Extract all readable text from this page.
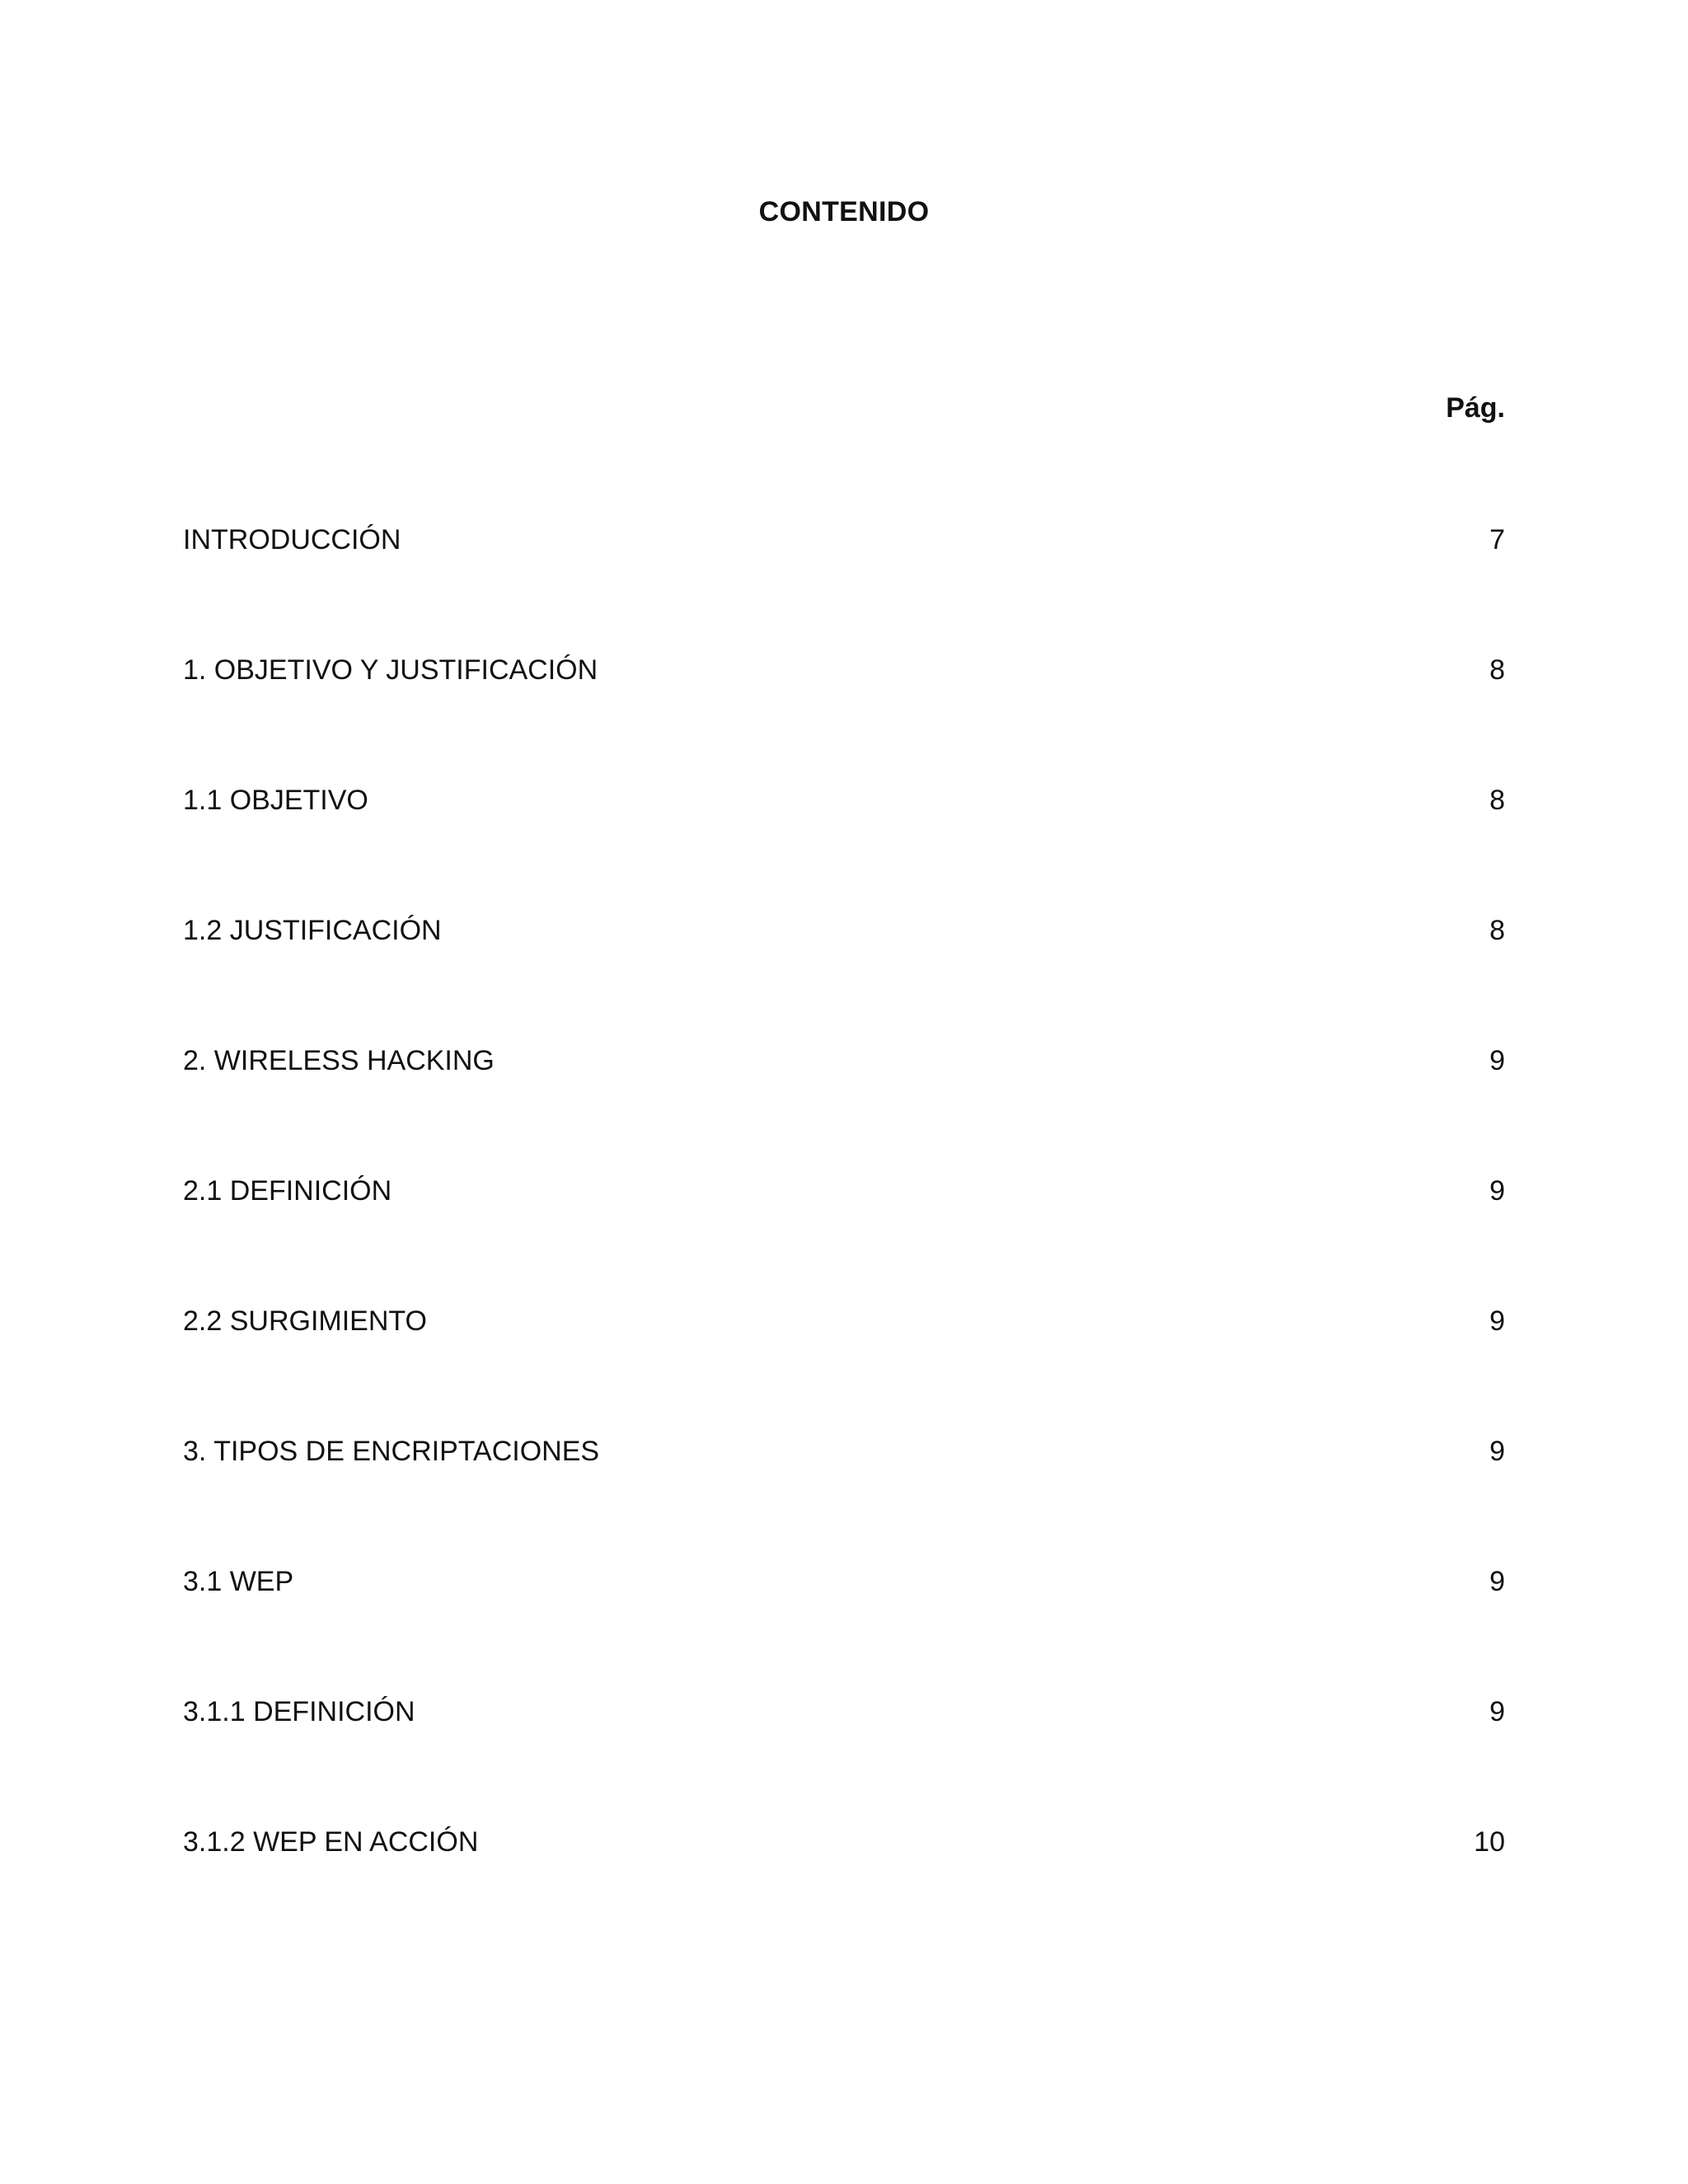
CONTENIDO
Pág.
INTRODUCCIÓN	7
1. OBJETIVO Y JUSTIFICACIÓN	8
1.1 OBJETIVO	8
1.2 JUSTIFICACIÓN	8
2. WIRELESS HACKING	9
2.1 DEFINICIÓN	9
2.2 SURGIMIENTO	9
3. TIPOS DE ENCRIPTACIONES	9
3.1 WEP	9
3.1.1 DEFINICIÓN	9
3.1.2 WEP EN ACCIÓN	10
